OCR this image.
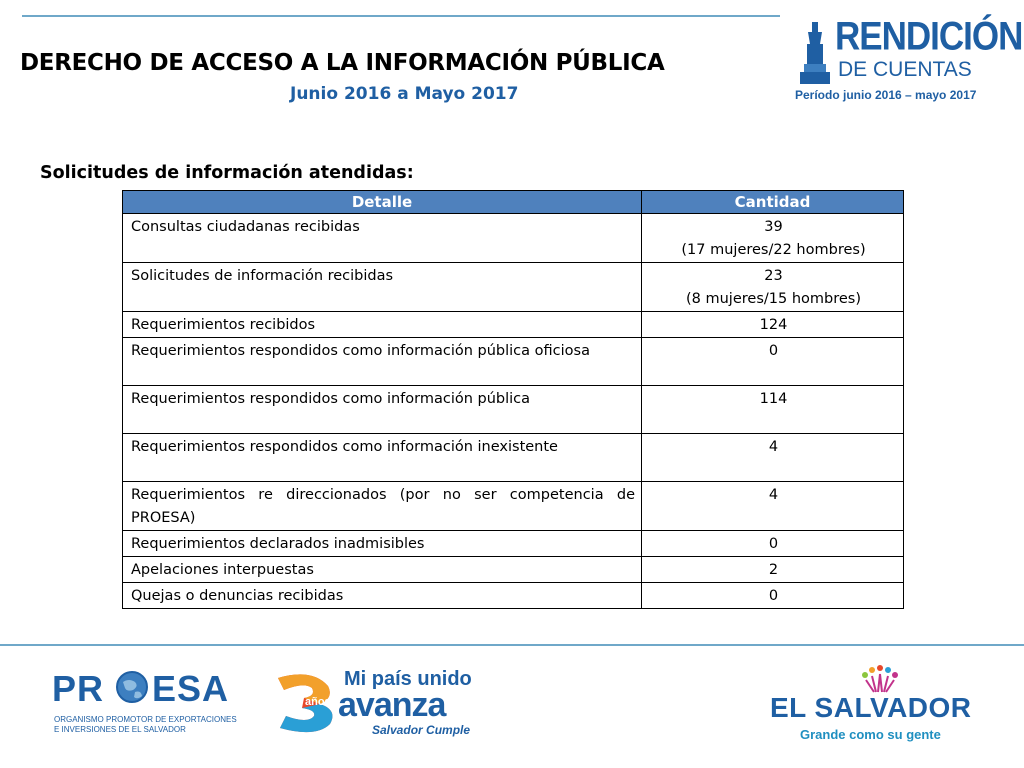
DERECHO DE ACCESO A LA INFORMACIÓN PÚBLICA
Junio 2016 a Mayo 2017
RENDICIÓN
DE CUENTAS
Período junio 2016 – mayo 2017
Solicitudes de información atendidas:
Detalle	Cantidad
Consultas ciudadanas recibidas	39
(17 mujeres/22 hombres)

Solicitudes de información recibidas	23
(8 mujeres/15 hombres)

Requerimientos recibidos	124
Requerimientos respondidos como información pública oficiosa	0
Requerimientos respondidos como información pública	114
Requerimientos respondidos como información inexistente	4
Requerimientos re direccionados (por no ser competencia de PROESA)	4
Requerimientos declarados inadmisibles	0
Apelaciones interpuestas	2
Quejas o denuncias recibidas	0
PR ESA
ORGANISMO PROMOTOR DE EXPORTACIONES
E INVERSIONES DE EL SALVADOR
años
Mi país unido
avanza
Salvador Cumple
EL SALVADOR
Grande como su gente
